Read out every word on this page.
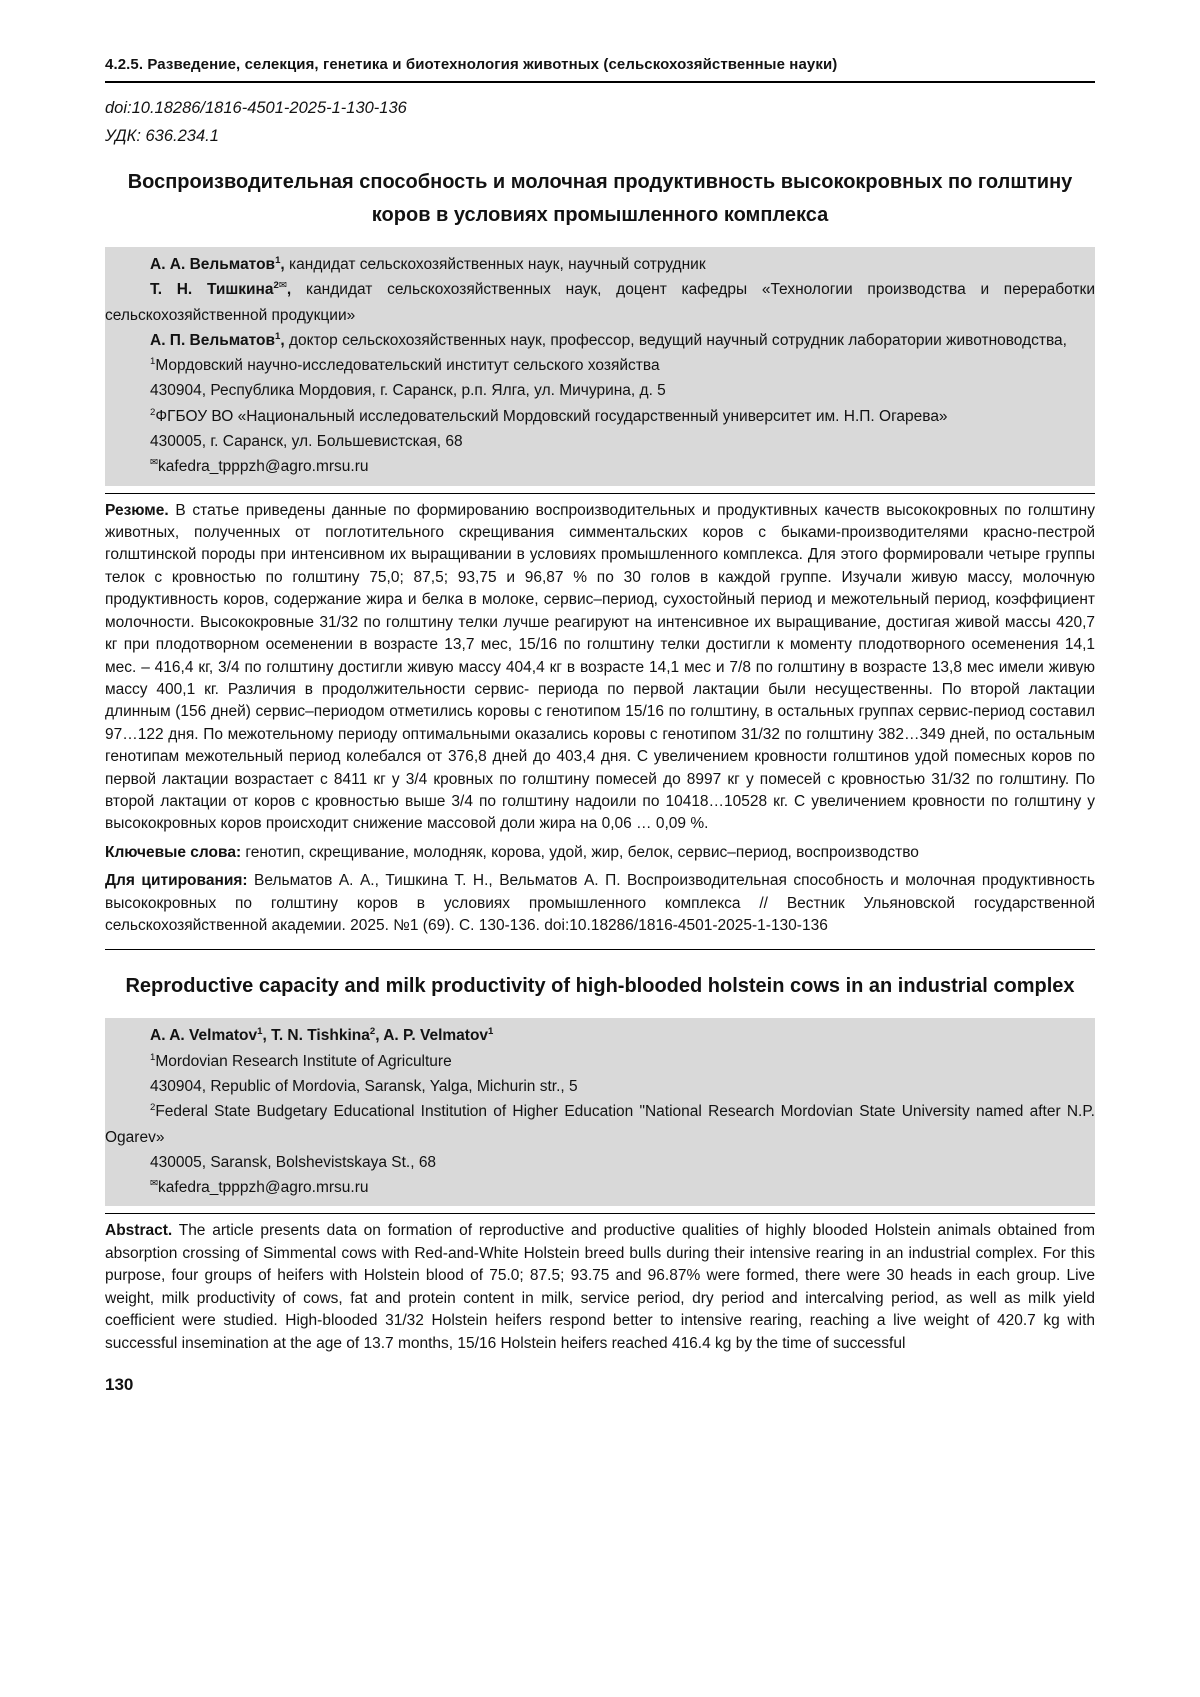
4.2.5. Разведение, селекция, генетика и биотехнология животных (сельскохозяйственные науки)
doi:10.18286/1816-4501-2025-1-130-136
УДК: 636.234.1
Воспроизводительная способность и молочная продуктивность высококровных по голштину коров в условиях промышленного комплекса

А. А. Вельматов$^1$, кандидат сельскохозяйственных наук, научный сотрудник

Т. Н. Тишкина$^{2✉}$, кандидат сельскохозяйственных наук, доцент кафедры «Технологии производства и переработки сельскохозяйственной продукции»

А. П. Вельматов$^1$, доктор сельскохозяйственных наук, профессор, ведущий научный сотрудник лаборатории животноводства,

$^1$Мордовский научно-исследовательский институт сельского хозяйства

430904, Республика Мордовия, г. Саранск, р.п. Ялга, ул. Мичурина, д. 5

$^2$ФГБОУ ВО «Национальный исследовательский Мордовский государственный университет им. Н.П. Огарева»

430005, г. Саранск, ул. Большевистская, 68

✉kafedra_tpppzh@agro.mrsu.ru

Резюме. В статье приведены данные по формированию воспроизводительных и продуктивных качеств высококровных по голштину животных, полученных от поглотительного скрещивания симментальских коров с быками-производителями красно-пестрой голштинской породы при интенсивном их выращивании в условиях промышленного комплекса. Для этого формировали четыре группы телок с кровностью по голштину 75,0; 87,5; 93,75 и 96,87 % по 30 голов в каждой группе. Изучали живую массу, молочную продуктивность коров, содержание жира и белка в молоке, сервис–период, сухостойный период и межотельный период, коэффициент молочности. Высококровные 31/32 по голштину телки лучше реагируют на интенсивное их выращивание, достигая живой массы 420,7 кг при плодотворном осеменении в возрасте 13,7 мес, 15/16 по голштину телки достигли к моменту плодотворного осеменения 14,1 мес. – 416,4 кг, 3/4 по голштину достигли живую массу 404,4 кг в возрасте 14,1 мес и 7/8 по голштину в возрасте 13,8 мес имели живую массу 400,1 кг. Различия в продолжительности сервис- периода по первой лактации были несущественны. По второй лактации длинным (156 дней) сервис–периодом отметились коровы с генотипом 15/16 по голштину, в остальных группах сервис-период составил 97…122 дня. По межотельному периоду оптимальными оказались коровы с генотипом 31/32 по голштину 382…349 дней, по остальным генотипам межотельный период колебался от 376,8 дней до 403,4 дня. С увеличением кровности голштинов удой помесных коров по первой лактации возрастает с 8411 кг у 3/4 кровных по голштину помесей до 8997 кг у помесей с кровностью 31/32 по голштину. По второй лактации от коров с кровностью выше 3/4 по голштину надоили по 10418…10528 кг. С увеличением кровности по голштину у высококровных коров происходит снижение массовой доли жира на 0,06 … 0,09 %.

Ключевые слова: генотип, скрещивание, молодняк, корова, удой, жир, белок, сервис–период, воспроизводство

Для цитирования: Вельматов А. А., Тишкина Т. Н., Вельматов А. П. Воспроизводительная способность и молочная продуктивность высококровных по голштину коров в условиях промышленного комплекса // Вестник Ульяновской государственной сельскохозяйственной академии. 2025. №1 (69). С. 130-136. doi:10.18286/1816-4501-2025-1-130-136

Reproductive capacity and milk productivity of high-blooded holstein cows in an industrial complex

A. A. Velmatov$^1$, T. N. Tishkina$^2$, A. P. Velmatov$^1$

$^1$Mordovian Research Institute of Agriculture

430904, Republic of Mordovia, Saransk, Yalga, Michurin str., 5

$^2$Federal State Budgetary Educational Institution of Higher Education "National Research Mordovian State University named after N.P. Ogarev»

430005, Saransk, Bolshevistskaya St., 68

✉kafedra_tpppzh@agro.mrsu.ru

Abstract. The article presents data on formation of reproductive and productive qualities of highly blooded Holstein animals obtained from absorption crossing of Simmental cows with Red-and-White Holstein breed bulls during their intensive rearing in an industrial complex. For this purpose, four groups of heifers with Holstein blood of 75.0; 87.5; 93.75 and 96.87% were formed, there were 30 heads in each group. Live weight, milk productivity of cows, fat and protein content in milk, service period, dry period and intercalving period, as well as milk yield coefficient were studied. High-blooded 31/32 Holstein heifers respond better to intensive rearing, reaching a live weight of 420.7 kg with successful insemination at the age of 13.7 months, 15/16 Holstein heifers reached 416.4 kg by the time of successful

130
